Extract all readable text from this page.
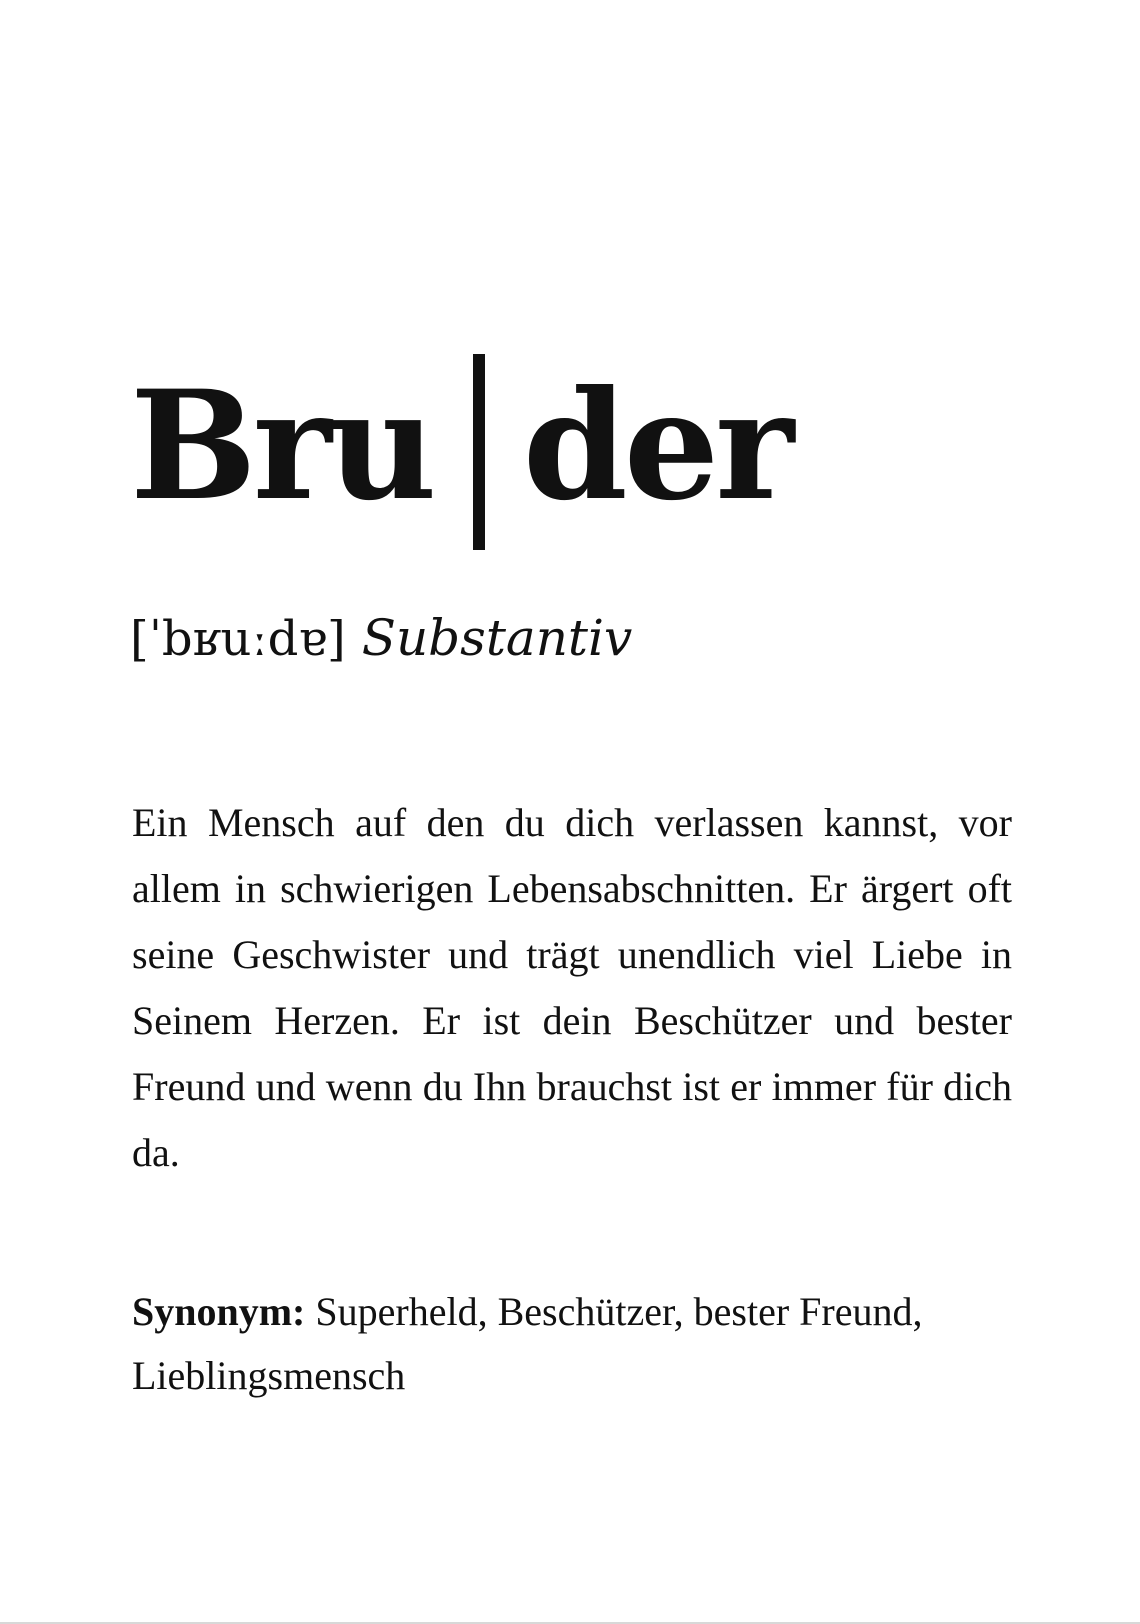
Bru der
[ˈbʁuːdɐ] Substantiv

Ein Mensch auf den du dich verlassen kannst, vor allem in schwierigen Lebensabschnitten. Er ärgert oft seine Geschwister und trägt unendlich viel Liebe in Seinem Herzen. Er ist dein Beschützer und bester Freund und wenn du Ihn brauchst ist er immer für dich da.

Synonym: Superheld, Beschützer, bester Freund, Lieblingsmensch
